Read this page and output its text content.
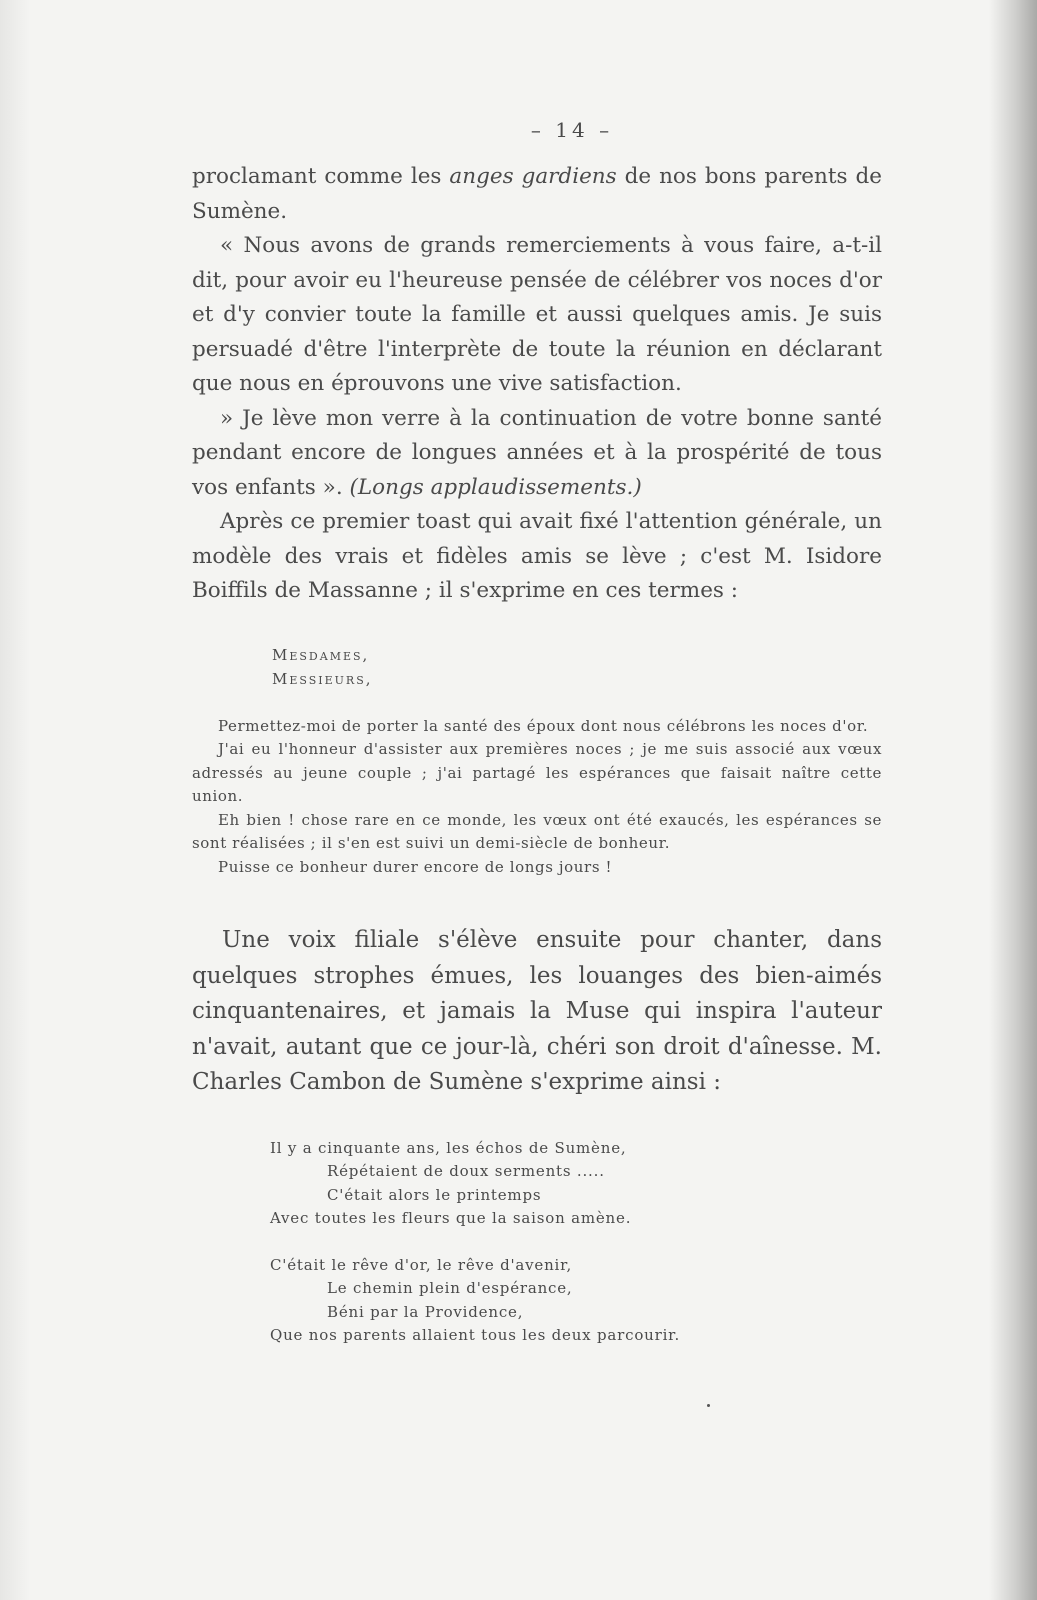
– 14 –

proclamant comme les anges gardiens de nos bons parents de Sumène.

« Nous avons de grands remerciements à vous faire, a-t-il dit, pour avoir eu l'heureuse pensée de célébrer vos noces d'or et d'y convier toute la famille et aussi quelques amis. Je suis persuadé d'être l'interprète de toute la réunion en déclarant que nous en éprouvons une vive satisfaction.

» Je lève mon verre à la continuation de votre bonne santé pendant encore de longues années et à la prospérité de tous vos enfants ». (Longs applaudissements.)

Après ce premier toast qui avait fixé l'attention générale, un modèle des vrais et fidèles amis se lève ; c'est M. Isidore Boiffils de Massanne ; il s'exprime en ces termes :

Mesdames,
Messieurs,

Permettez-moi de porter la santé des époux dont nous célébrons les noces d'or.

J'ai eu l'honneur d'assister aux premières noces ; je me suis associé aux vœux adressés au jeune couple ; j'ai partagé les espérances que faisait naître cette union.

Eh bien ! chose rare en ce monde, les vœux ont été exaucés, les espérances se sont réalisées ; il s'en est suivi un demi-siècle de bonheur.

Puisse ce bonheur durer encore de longs jours !

Une voix filiale s'élève ensuite pour chanter, dans quelques strophes émues, les louanges des bien-aimés cinquantenaires, et jamais la Muse qui inspira l'auteur n'avait, autant que ce jour-là, chéri son droit d'aînesse. M. Charles Cambon de Sumène s'exprime ainsi :

Il y a cinquante ans, les échos de Sumène,
Répétaient de doux serments .....
C'était alors le printemps
Avec toutes les fleurs que la saison amène.
C'était le rêve d'or, le rêve d'avenir,
Le chemin plein d'espérance,
Béni par la Providence,
Que nos parents allaient tous les deux parcourir.
